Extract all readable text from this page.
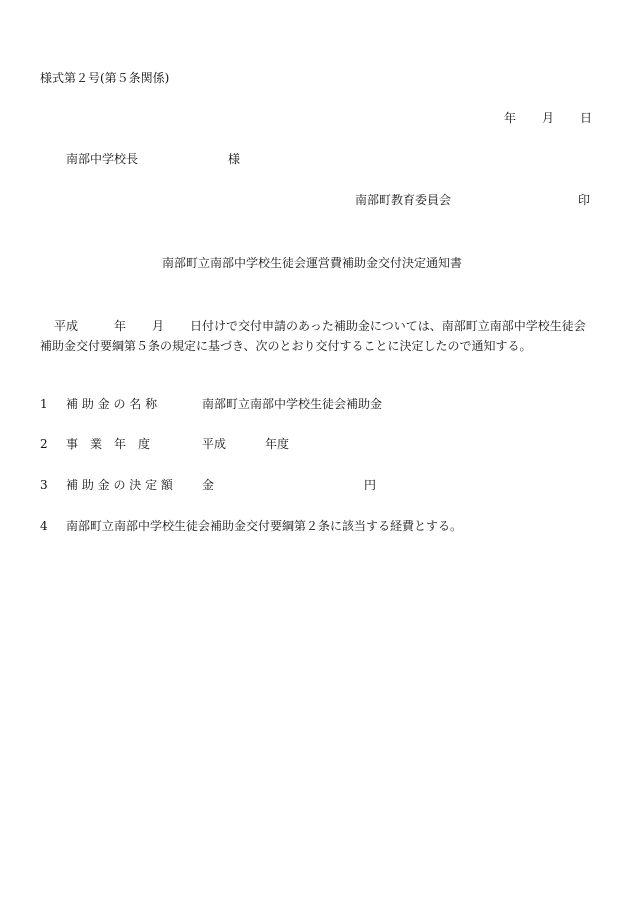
様式第２号(第５条関係)
年 月 日
南部中学校長	様
南部町教育委員会	印
南部町立南部中学校生徒会運営費補助金交付決定通知書
平成	年 月 日付けで交付申請のあった補助金については、南部町立南部中学校生徒会
補助金交付要綱第５条の規定に基づき、次のとおり交付することに決定したので通知する。
1 補 助 金 の 名 称	南部町立南部中学校生徒会補助金
2 事　業　年　度	平成	年度
3 補 助 金 の 決 定 額 金	円
4 南部町立南部中学校生徒会補助金交付要綱第２条に該当する経費とする。
